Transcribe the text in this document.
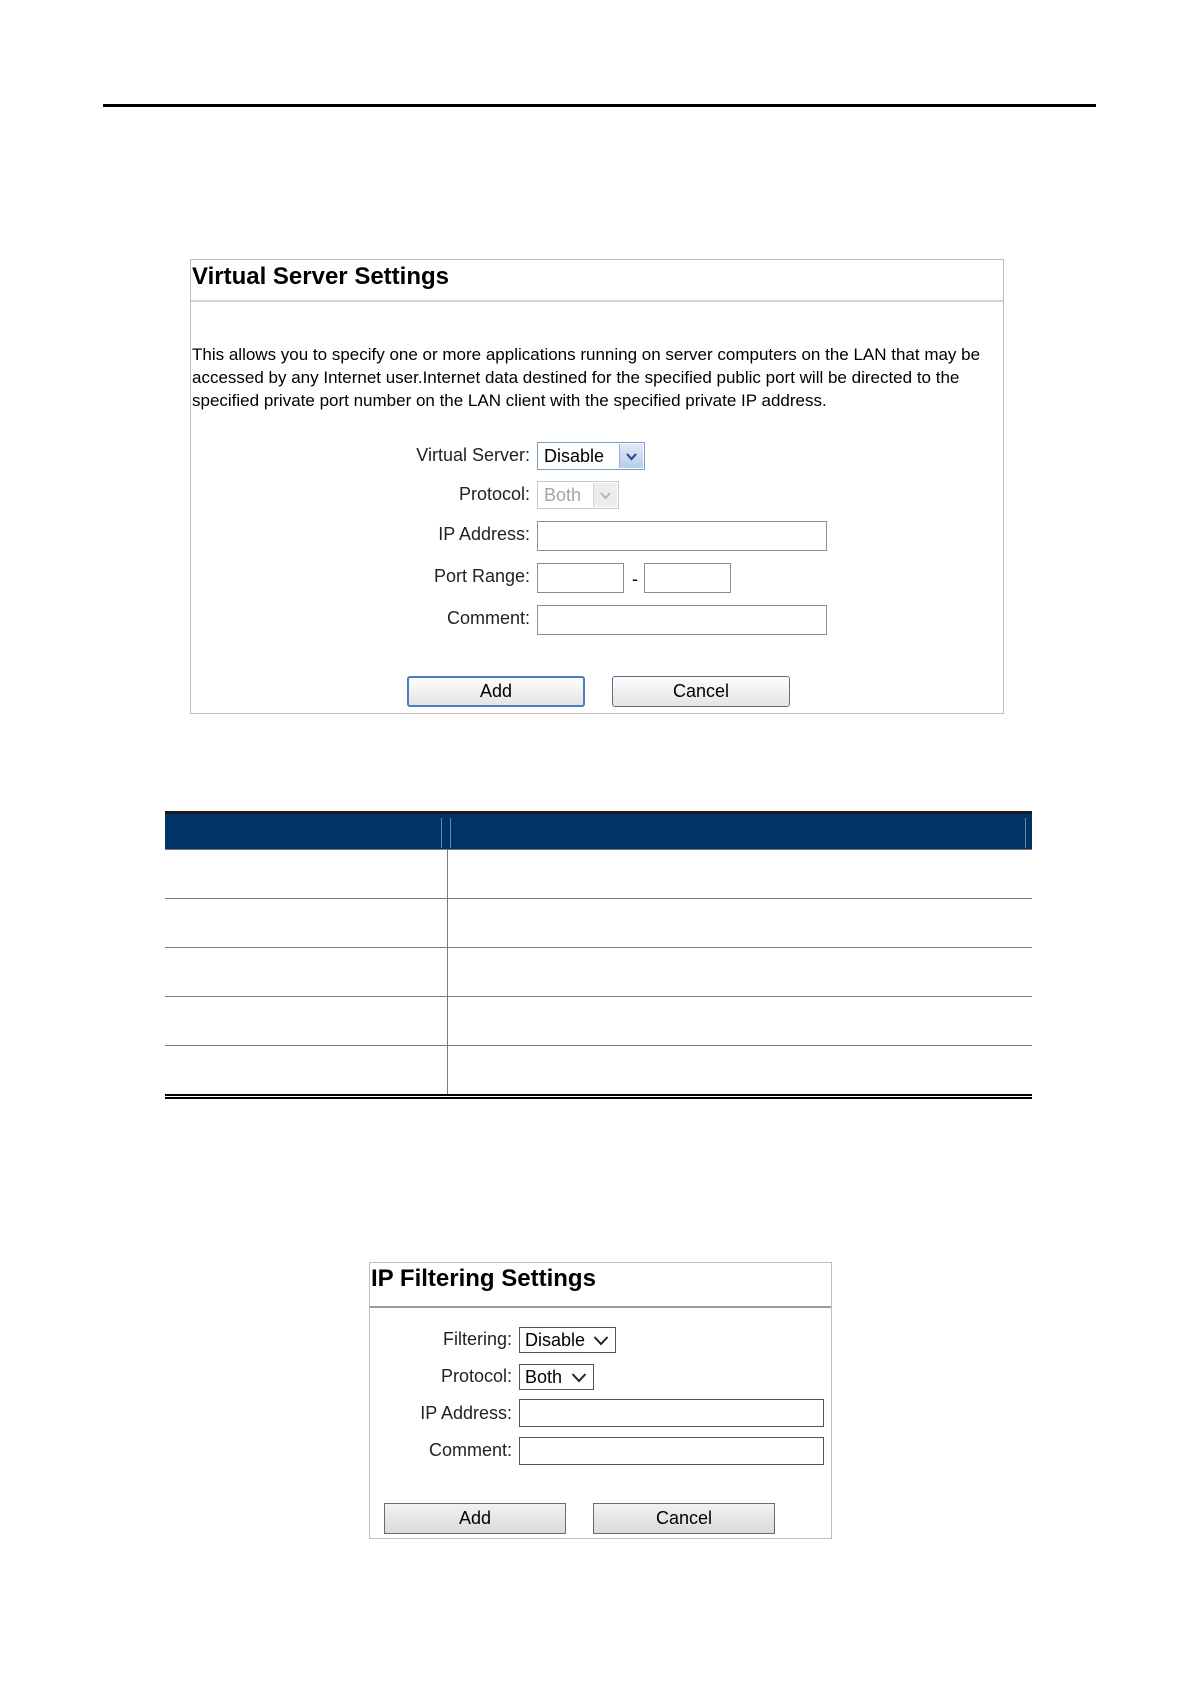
Virtual Server Settings
This allows you to specify one or more applications running on server computers on the LAN that may be accessed by any Internet user.Internet data destined for the specified public port will be directed to the specified private port number on the LAN client with the specified private IP address.
Virtual Server: Disable
Protocol: Both
IP Address:
Port Range:	-
Comment:
Add	Cancel
IP Filtering Settings
Filtering: Disable
Protocol: Both
IP Address:
Comment:
Add	Cancel
